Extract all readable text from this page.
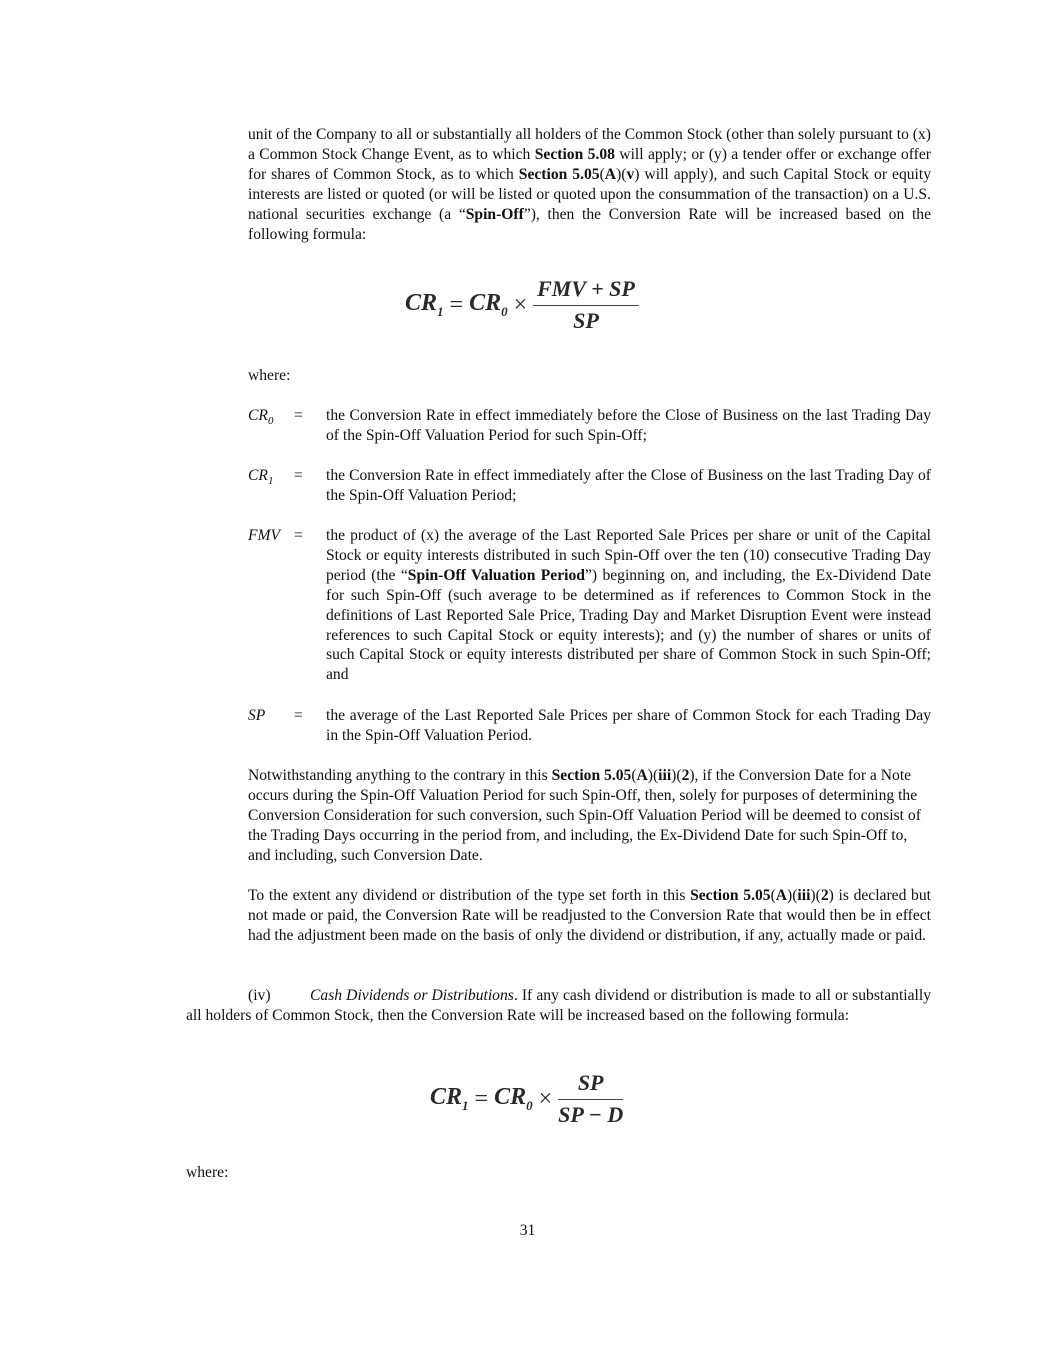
unit of the Company to all or substantially all holders of the Common Stock (other than solely pursuant to (x) a Common Stock Change Event, as to which Section 5.08 will apply; or (y) a tender offer or exchange offer for shares of Common Stock, as to which Section 5.05(A)(v) will apply), and such Capital Stock or equity interests are listed or quoted (or will be listed or quoted upon the consummation of the transaction) on a U.S. national securities exchange (a “Spin-Off”), then the Conversion Rate will be increased based on the following formula:

$CR_1 = CR_0 \times \frac{\text{FMV + SP}}{SP}$
where:
$CR_0$ = the Conversion Rate in effect immediately before the Close of Business on the last Trading Day of the Spin-Off Valuation Period for such Spin-Off;
$CR_1$ = the Conversion Rate in effect immediately after the Close of Business on the last Trading Day of the Spin-Off Valuation Period;
FMV = the product of (x) the average of the Last Reported Sale Prices per share or unit of the Capital Stock or equity interests distributed in such Spin-Off over the ten (10) consecutive Trading Day period (the “Spin-Off Valuation Period”) beginning on, and including, the Ex-Dividend Date for such Spin-Off (such average to be determined as if references to Common Stock in the definitions of Last Reported Sale Price, Trading Day and Market Disruption Event were instead references to such Capital Stock or equity interests); and (y) the number of shares or units of such Capital Stock or equity interests distributed per share of Common Stock in such Spin-Off; and
SP = the average of the Last Reported Sale Prices per share of Common Stock for each Trading Day in the Spin-Off Valuation Period.

Notwithstanding anything to the contrary in this Section 5.05(A)(iii)(2), if the Conversion Date for a Note occurs during the Spin-Off Valuation Period for such Spin-Off, then, solely for purposes of determining the Conversion Consideration for such conversion, such Spin-Off Valuation Period will be deemed to consist of the Trading Days occurring in the period from, and including, the Ex-Dividend Date for such Spin-Off to, and including, such Conversion Date.

To the extent any dividend or distribution of the type set forth in this Section 5.05(A)(iii)(2) is declared but not made or paid, the Conversion Rate will be readjusted to the Conversion Rate that would then be in effect had the adjustment been made on the basis of only the dividend or distribution, if any, actually made or paid.

(iv)	Cash Dividends or Distributions. If any cash dividend or distribution is made to all or substantially all holders of Common Stock, then the Conversion Rate will be increased based on the following formula:

$CR_1 = CR_0 \times \frac{SP}{SP - D}$
where:
31
